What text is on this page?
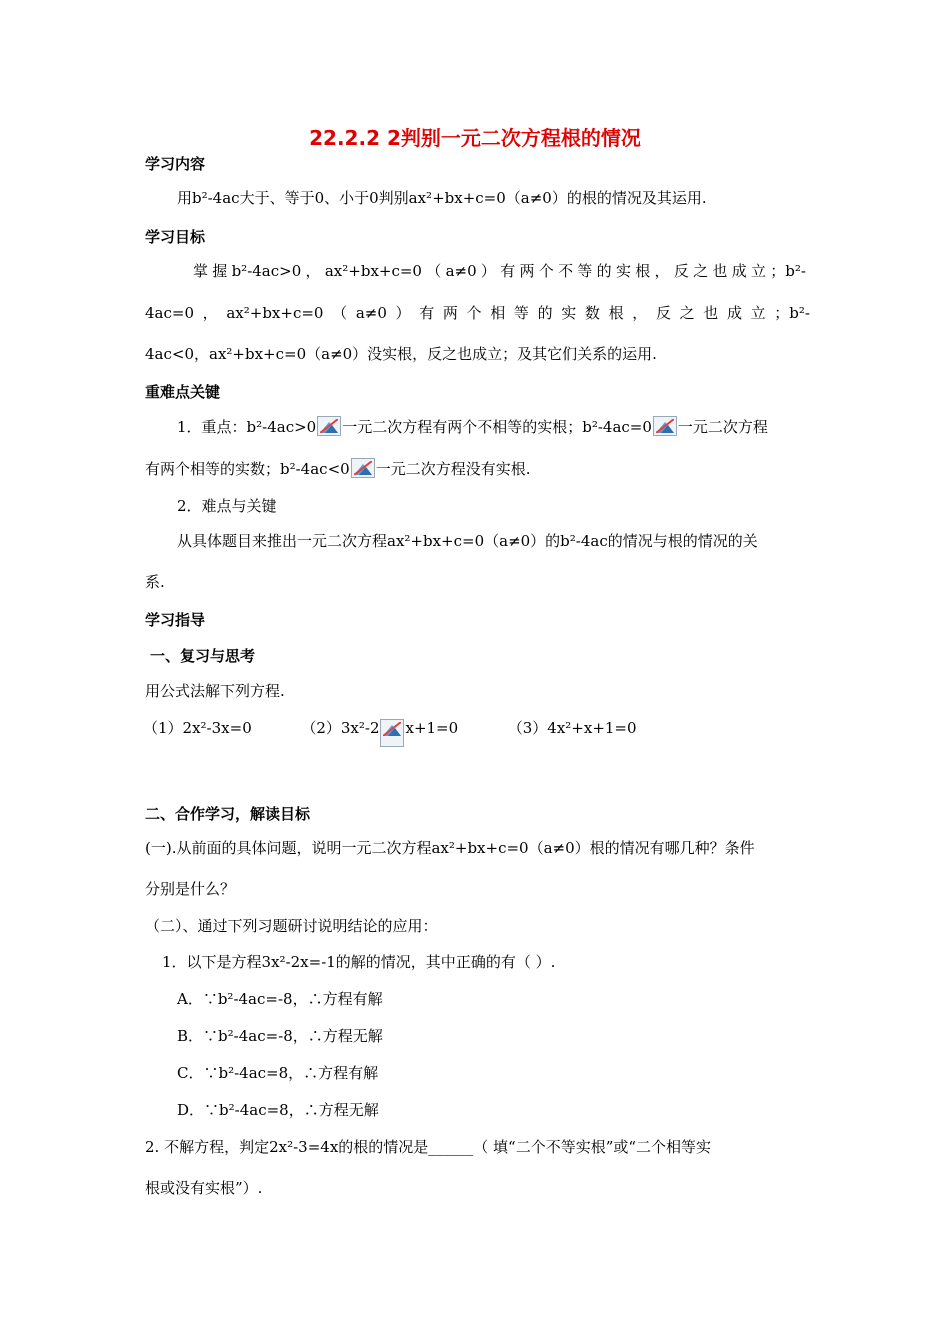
22.2.2 2判别一元二次方程根的情况
学习内容
用b²-4ac大于、等于0、小于0判别ax²+bx+c=0（a≠0）的根的情况及其运用.
学习目标
掌握b²-4ac>0，ax²+bx+c=0（a≠0）有两个不等的实根，反之也成立；b²-
4ac=0，ax²+bx+c=0（a≠0）有两个相等的实数根，反之也成立；b²-
4ac<0，ax²+bx+c=0（a≠0）没实根，反之也成立；及其它们关系的运用.
重难点关键
1．重点：b²-4ac>0 一元二次方程有两个不相等的实根；b²-4ac=0 一元二次方程
有两个相等的实数；b²-4ac<0 一元二次方程没有实根.
2．难点与关键
从具体题目来推出一元二次方程ax²+bx+c=0（a≠0）的b²-4ac的情况与根的情况的关
系.
学习指导
一、复习与思考
用公式法解下列方程.
（1）2x²-3x=0	（2）3x²-2 x+1=0	（3）4x²+x+1=0
二、合作学习，解读目标
(一).从前面的具体问题，说明一元二次方程ax²+bx+c=0（a≠0）根的情况有哪几种？条件
分别是什么？
（二）、通过下列习题研讨说明结论的应用：
1．以下是方程3x²-2x=-1的解的情况，其中正确的有（ ）.
A．∵b²-4ac=-8，∴方程有解
B．∵b²-4ac=-8，∴方程无解
C．∵b²-4ac=8，∴方程有解
D．∵b²-4ac=8，∴方程无解
2. 不解方程，判定2x²-3=4x的根的情况是______（ 填“二个不等实根”或“二个相等实
根或没有实根”）.
